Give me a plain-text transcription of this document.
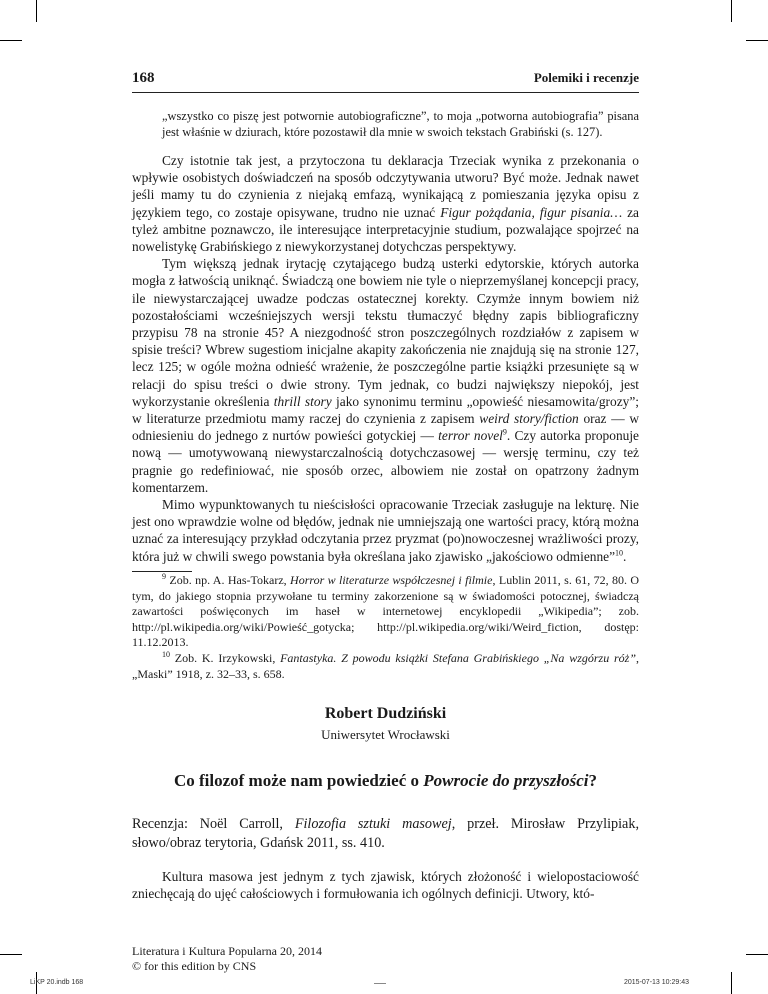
168	Polemiki i recenzje
„wszystko co piszę jest potwornie autobiograficzne”, to moja „potworna autobiografia” pisana jest właśnie w dziurach, które pozostawił dla mnie w swoich tekstach Grabiński (s. 127).

Czy istotnie tak jest, a przytoczona tu deklaracja Trzeciak wynika z przekonania o wpływie osobistych doświadczeń na sposób odczytywania utworu? Być może. Jednak nawet jeśli mamy tu do czynienia z niejaką emfazą, wynikającą z pomieszania języka opisu z językiem tego, co zostaje opisywane, trudno nie uznać Figur pożądania, figur pisania… za tyleż ambitne poznawczo, ile interesujące interpretacyjnie studium, pozwalające spojrzeć na nowelistykę Grabińskiego z niewykorzystanej dotychczas perspektywy.

Tym większą jednak irytację czytającego budzą usterki edytorskie, których autorka mogła z łatwością uniknąć. Świadczą one bowiem nie tyle o nieprzemyślanej koncepcji pracy, ile niewystarczającej uwadze podczas ostatecznej korekty. Czymże innym bowiem niż pozostałościami wcześniejszych wersji tekstu tłumaczyć błędny zapis bibliograficzny przypisu 78 na stronie 45? A niezgodność stron poszczególnych rozdziałów z zapisem w spisie treści? Wbrew sugestiom inicjalne akapity zakończenia nie znajdują się na stronie 127, lecz 125; w ogóle można odnieść wrażenie, że poszczególne partie książki przesunięte są w relacji do spisu treści o dwie strony. Tym jednak, co budzi największy niepokój, jest wykorzystanie określenia thrill story jako synonimu terminu „opowieść niesamowita/grozy”; w literaturze przedmiotu mamy raczej do czynienia z zapisem weird story/fiction oraz — w odniesieniu do jednego z nurtów powieści gotyckiej — terror novel$^9$. Czy autorka proponuje nową — umotywowaną niewystarczalnością dotychczasowej — wersję terminu, czy też pragnie go redefiniować, nie sposób orzec, albowiem nie został on opatrzony żadnym komentarzem.

Mimo wypunktowanych tu nieścisłości opracowanie Trzeciak zasługuje na lekturę. Nie jest ono wprawdzie wolne od błędów, jednak nie umniejszają one wartości pracy, którą można uznać za interesujący przykład odczytania przez pryzmat (po)nowoczesnej wrażliwości prozy, która już w chwili swego powstania była określana jako zjawisko „jakościowo odmienne”$^{10}$.

$^9$ Zob. np. A. Has-Tokarz, Horror w literaturze współczesnej i filmie, Lublin 2011, s. 61, 72, 80. O tym, do jakiego stopnia przywołane tu terminy zakorzenione są w świadomości potocznej, świadczą zawartości poświęconych im haseł w internetowej encyklopedii „Wikipedia”; zob. http://pl.wikipedia.org/wiki/Powieść_gotycka; http://pl.wikipedia.org/wiki/Weird_fiction, dostęp: 11.12.2013.

$^{10}$ Zob. K. Irzykowski, Fantastyka. Z powodu książki Stefana Grabińskiego „Na wzgórzu róż”, „Maski” 1918, z. 32–33, s. 658.

Robert Dudziński
Uniwersytet Wrocławski
Co filozof może nam powiedzieć o Powrocie do przyszłości?
Recenzja: Noël Carroll, Filozofia sztuki masowej, przeł. Mirosław Przylipiak, słowo/obraz terytoria, Gdańsk 2011, ss. 410.

Kultura masowa jest jednym z tych zjawisk, których złożoność i wielopostaciowość zniechęcają do ujęć całościowych i formułowania ich ogólnych definicji. Utwory, któ-

Literatura i Kultura Popularna 20, 2014
© for this edition by CNS
LiKP 20.indb 168	2015-07-13 10:29:43
